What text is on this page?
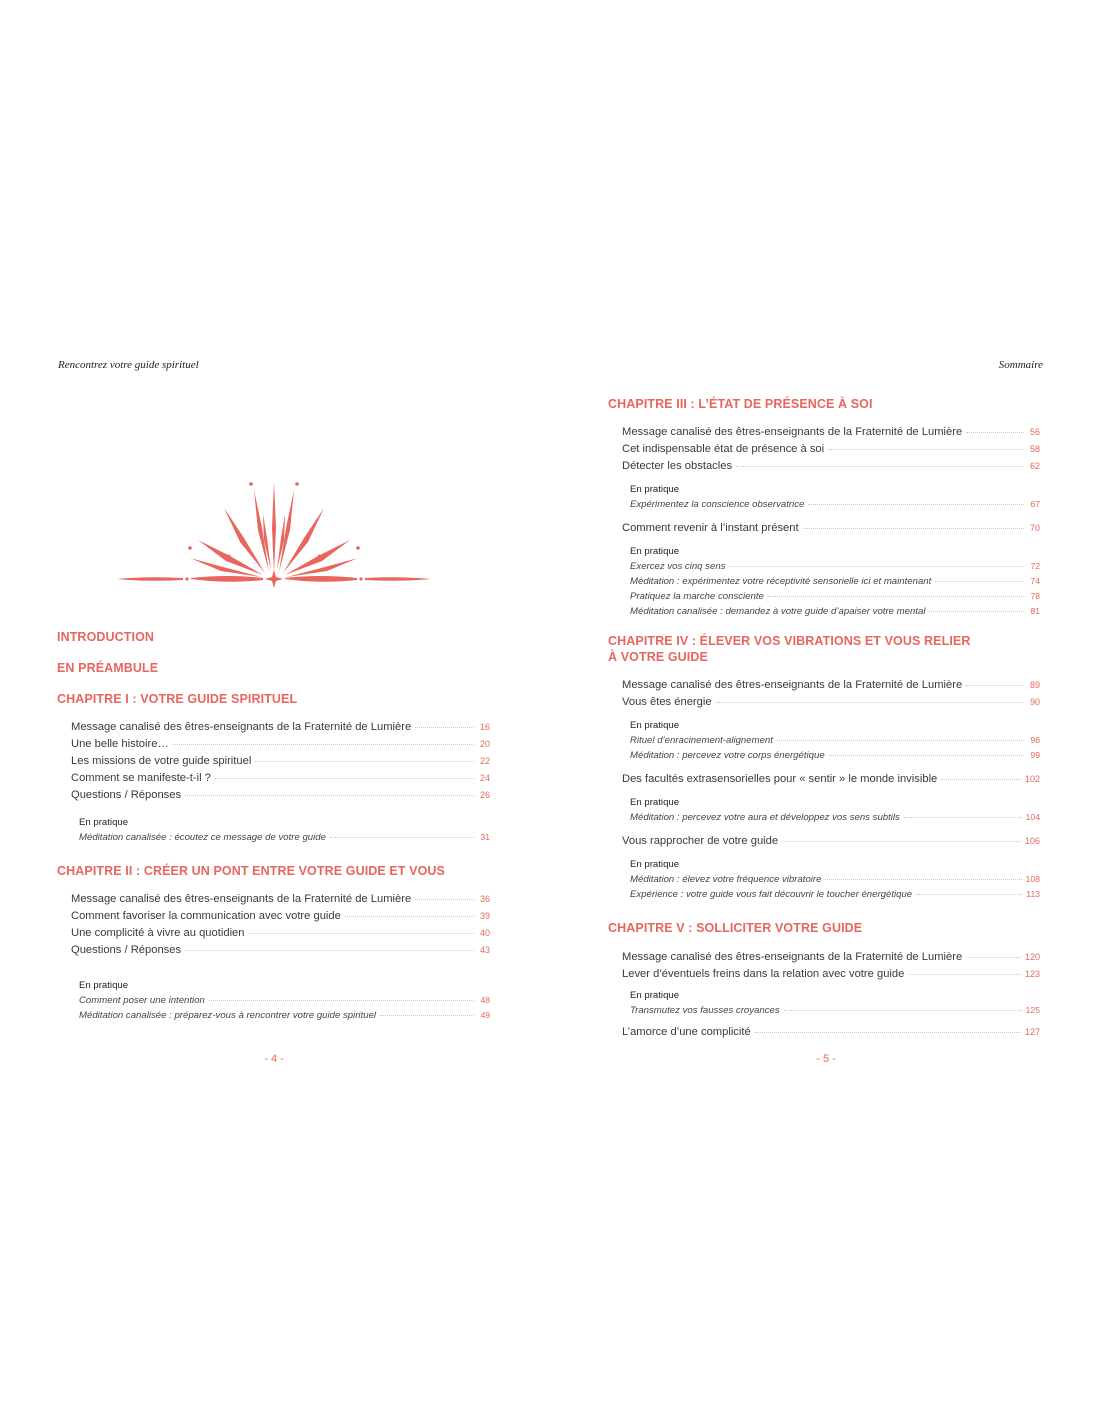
Rencontrez votre guide spirituel
INTRODUCTION
EN PRÉAMBULE
CHAPITRE I : VOTRE GUIDE SPIRITUEL
Message canalisé des êtres-enseignants de la Fraternité de Lumière	16
Une belle histoire…	20
Les missions de votre guide spirituel	22
Comment se manifeste-t-il ?	24
Questions / Réponses	26
En pratique
Méditation canalisée : écoutez ce message de votre guide	31
CHAPITRE II : CRÉER UN PONT ENTRE VOTRE GUIDE ET VOUS
Message canalisé des êtres-enseignants de la Fraternité de Lumière	36
Comment favoriser la communication avec votre guide	39
Une complicité à vivre au quotidien	40
Questions / Réponses	43
En pratique
Comment poser une intention	48
Méditation canalisée : préparez-vous à rencontrer votre guide spirituel	49
- 4 -
Sommaire
CHAPITRE III : L’ÉTAT DE PRÉSENCE À SOI
Message canalisé des êtres-enseignants de la Fraternité de Lumière	56
Cet indispensable état de présence à soi	58
Détecter les obstacles	62
En pratique
Expérimentez la conscience observatrice	67
Comment revenir à l’instant présent	70
En pratique
Exercez vos cinq sens	72
Méditation : expérimentez votre réceptivité sensorielle ici et maintenant	74
Pratiquez la marche consciente	78
Méditation canalisée : demandez à votre guide d’apaiser votre mental	81
CHAPITRE IV : ÉLEVER VOS VIBRATIONS ET VOUS RELIER
À VOTRE GUIDE
Message canalisé des êtres-enseignants de la Fraternité de Lumière	89
Vous êtes énergie	90
En pratique
Rituel d’enracinement-alignement	96
Méditation : percevez votre corps énergétique	99
Des facultés extrasensorielles pour « sentir » le monde invisible	102
En pratique
Méditation : percevez votre aura et développez vos sens subtils	104
Vous rapprocher de votre guide	106
En pratique
Méditation : élevez votre fréquence vibratoire	108
Expérience : votre guide vous fait découvrir le toucher énergétique	113
CHAPITRE V : SOLLICITER VOTRE GUIDE
Message canalisé des êtres-enseignants de la Fraternité de Lumière	120
Lever d’éventuels freins dans la relation avec votre guide	123
En pratique
Transmutez vos fausses croyances	125
L’amorce d’une complicité	127
- 5 -
